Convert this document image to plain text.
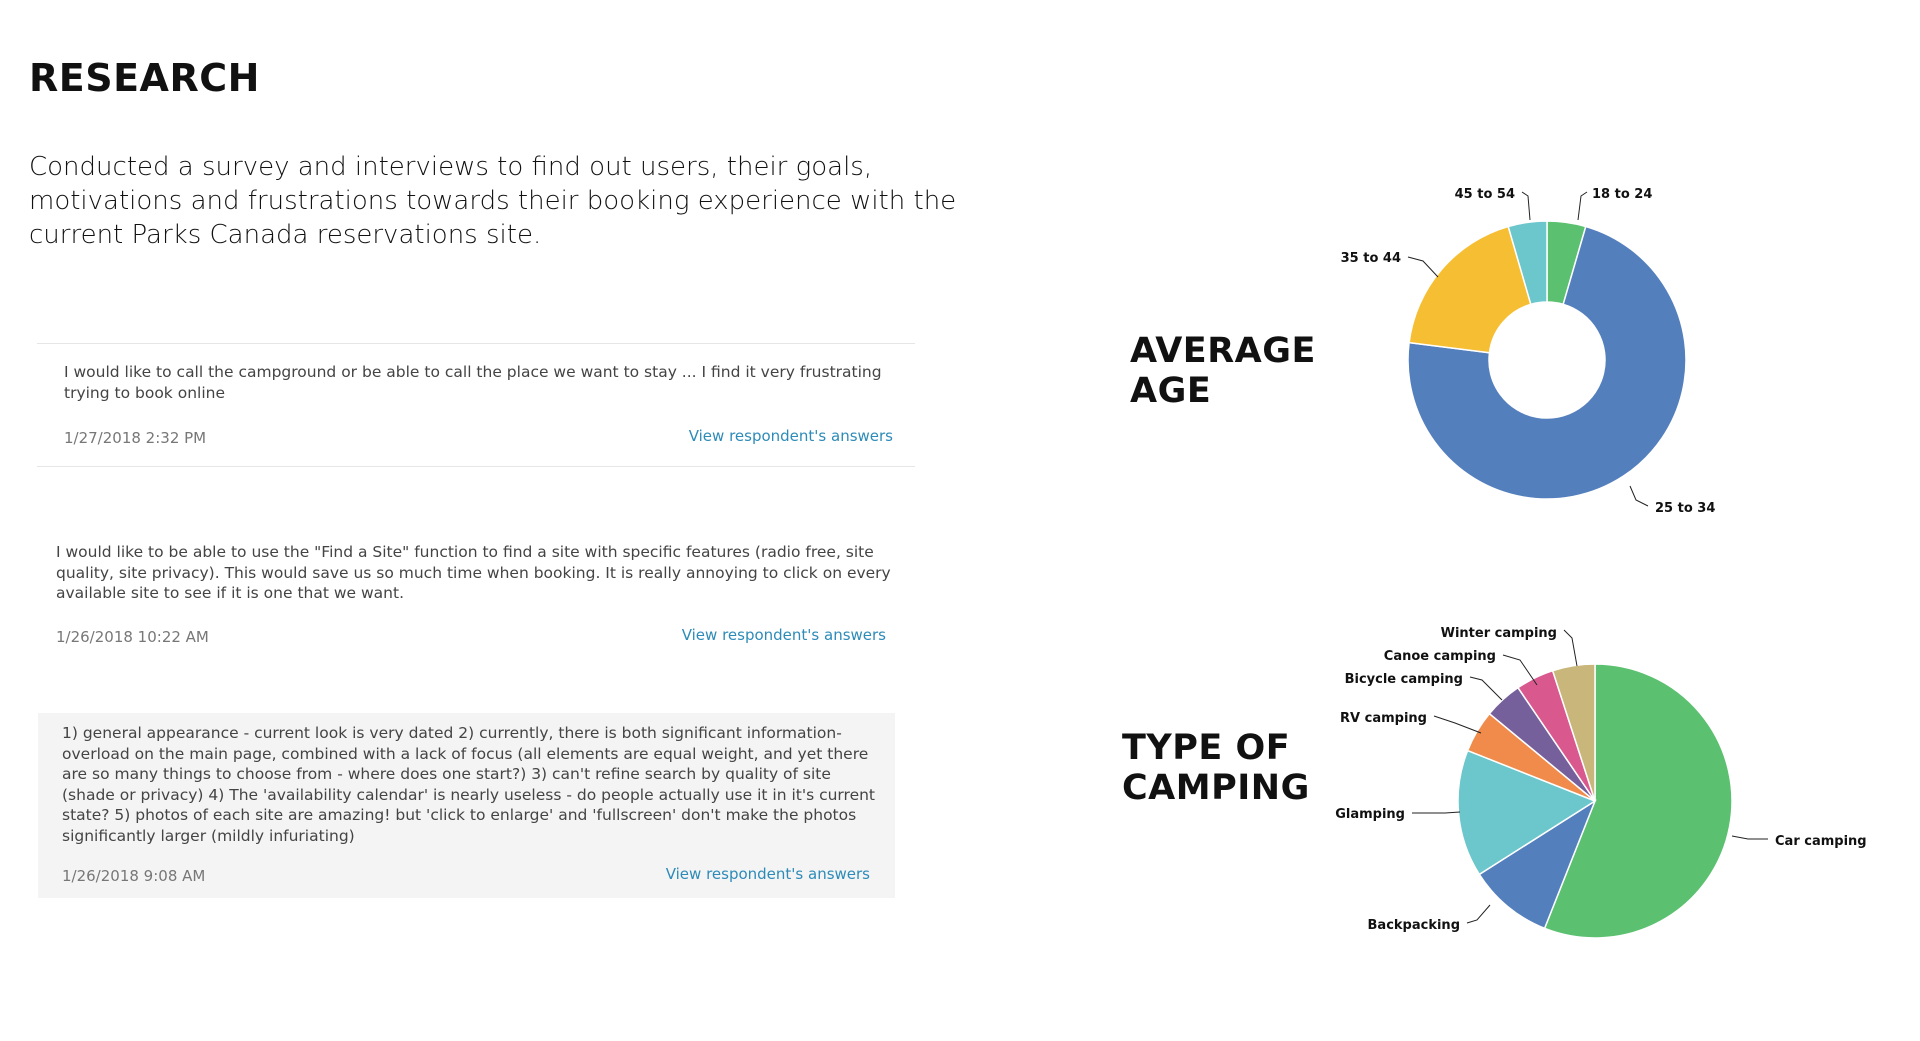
RESEARCH

Conducted a survey and interviews to find out users, their goals, motivations and frustrations towards their booking experience with the current Parks Canada reservations site.

I would like to call the campground or be able to call the place we want to stay ... I find it very frustrating trying to book online

1/27/2018 2:32 PM	View respondent's answers

I would like to be able to use the "Find a Site" function to find a site with specific features (radio free, site quality, site privacy). This would save us so much time when booking. It is really annoying to click on every available site to see if it is one that we want.

1/26/2018 10:22 AM	View respondent's answers

1) general appearance - current look is very dated 2) currently, there is both significant information-overload on the main page, combined with a lack of focus (all elements are equal weight, and yet there are so many things to choose from - where does one start?) 3) can't refine search by quality of site (shade or privacy) 4) The 'availability calendar' is nearly useless - do people actually use it in it's current state? 5) photos of each site are amazing! but 'click to enlarge' and 'fullscreen' don't make the photos significantly larger (mildly infuriating)

1/26/2018 9:08 AM	View respondent's answers
AVERAGE AGE
TYPE OF CAMPING
18 to 24
25 to 34
35 to 44
45 to 54
Car camping
Backpacking
Glamping
RV camping
Bicycle camping
Canoe camping
Winter camping
